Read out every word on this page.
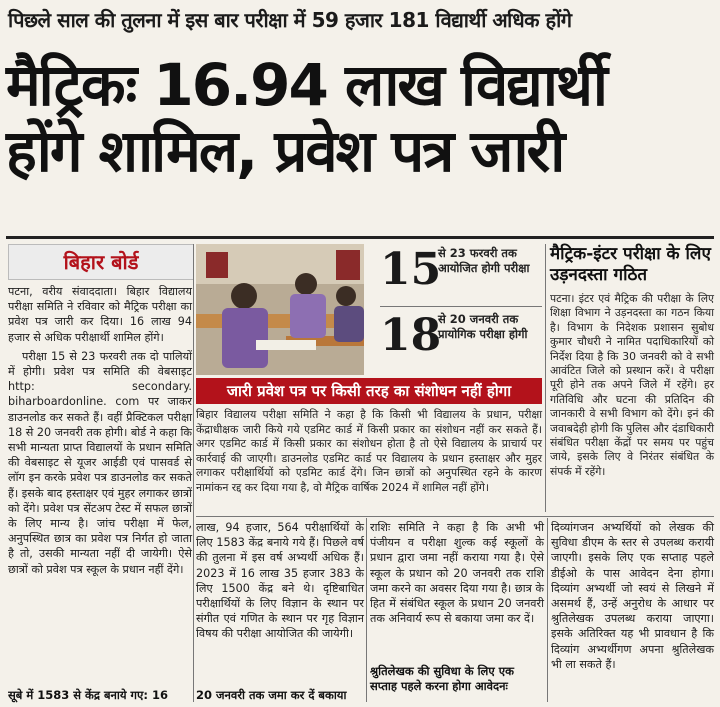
पिछले साल की तुलना में इस बार परीक्षा में 59 हजार 181 विद्यार्थी अधिक होंगे
मैट्रिकः 16.94 लाख विद्यार्थी
होंगे शामिल, प्रवेश पत्र जारी
बिहार बोर्ड

पटना, वरीय संवाददाता। बिहार विद्यालय परीक्षा समिति ने रविवार को मैट्रिक परीक्षा का प्रवेश पत्र जारी कर दिया। 16 लाख 94 हजार से अधिक परीक्षार्थी शामिल होंगे।

परीक्षा 15 से 23 फरवरी तक दो पालियों में होगी। प्रवेश पत्र समिति की वेबसाइट http: secondary. biharboardonline. com पर जाकर डाउनलोड कर सकते हैं। वहीं प्रैक्टिकल परीक्षा 18 से 20 जनवरी तक होगी। बोर्ड ने कहा कि सभी मान्यता प्राप्त विद्यालयों के प्रधान समिति की वेबसाइट से यूजर आईडी एवं पासवर्ड से लॉग इन करके प्रवेश पत्र डाउनलोड कर सकते हैं। इसके बाद हस्ताक्षर एवं मुहर लगाकर छात्रों को देंगे। प्रवेश पत्र सेंटअप टेस्ट में सफल छात्रों के लिए मान्य है। जांच परीक्षा में फेल, अनुपस्थित छात्र का प्रवेश पत्र निर्गत हो जाता है तो, उसकी मान्यता नहीं दी जायेगी। ऐसे छात्रों को प्रवेश पत्र स्कूल के प्रधान नहीं देंगे।

सूबे में 1583 से केंद्र बनाये गए: 16
15
से 23 फरवरी तक आयोजित होगी परीक्षा
18
से 20 जनवरी तक प्रायोगिक परीक्षा होगी
मैट्रिक-इंटर परीक्षा के लिए उड़नदस्ता गठित
पटना। इंटर एवं मैट्रिक की परीक्षा के लिए शिक्षा विभाग ने उड़नदस्ता का गठन किया है। विभाग के निदेशक प्रशासन सुबोध कुमार चौधरी ने नामित पदाधिकारियों को निर्देश दिया है कि 30 जनवरी को वे सभी आवंटित जिले को प्रस्थान करें। वे परीक्षा पूरी होने तक अपने जिले में रहेंगे। हर गतिविधि और घटना की प्रतिदिन की जानकारी वे सभी विभाग को देंगे। इनं की जवाबदेही होगी कि पुलिस और दंडाधिकारी संबंधित परीक्षा केंद्रों पर समय पर पहुंच जाये, इसके लिए वे निरंतर संबंधित के संपर्क में रहेंगे।
जारी प्रवेश पत्र पर किसी तरह का संशोधन नहीं होगा
बिहार विद्यालय परीक्षा समिति ने कहा है कि किसी भी विद्यालय के प्रधान, परीक्षा केंद्राधीक्षक जारी किये गये एडमिट कार्ड में किसी प्रकार का संशोधन नहीं कर सकते हैं। अगर एडमिट कार्ड में किसी प्रकार का संशोधन होता है तो ऐसे विद्यालय के प्राचार्य पर कार्रवाई की जाएगी। डाउनलोड एडमिट कार्ड पर विद्यालय के प्रधान हस्ताक्षर और मुहर लगाकर परीक्षार्थियों को एडमिट कार्ड देंगे। जिन छात्रों को अनुपस्थित रहने के कारण नामांकन रद्द कर दिया गया है, वो मैट्रिक वार्षिक 2024 में शामिल नहीं होंगे।
लाख, 94 हजार, 564 परीक्षार्थियों के लिए 1583 केंद्र बनाये गये हैं। पिछले वर्ष की तुलना में इस वर्ष अभ्यर्थी अधिक हैं। 2023 में 16 लाख 35 हजार 383 के लिए 1500 केंद्र बने थे। दृष्टिबाधित परीक्षार्थियों के लिए विज्ञान के स्थान पर संगीत एवं गणित के स्थान पर गृह विज्ञान विषय की परीक्षा आयोजित की जायेगी।
20 जनवरी तक जमा कर दें बकाया
राशिः समिति ने कहा है कि अभी भी पंजीयन व परीक्षा शुल्क कई स्कूलों के प्रधान द्वारा जमा नहीं कराया गया है। ऐसे स्कूल के प्रधान को 20 जनवरी तक राशि जमा करने का अवसर दिया गया है। छात्र के हित में संबंधित स्कूल के प्रधान 20 जनवरी तक अनिवार्य रूप से बकाया जमा कर दें।
श्रुतिलेखक की सुविधा के लिए एक सप्ताह पहले करना होगा आवेदनः
दिव्यांगजन अभ्यर्थियों को लेखक की सुविधा डीएम के स्तर से उपलब्ध करायी जाएगी। इसके लिए एक सप्ताह पहले डीईओ के पास आवेदन देना होगा। दिव्यांग अभ्यर्थी जो स्वयं से लिखने में असमर्थ हैं, उन्हें अनुरोध के आधार पर श्रुतिलेखक उपलब्ध कराया जाएगा। इसके अतिरिक्त यह भी प्रावधान है कि दिव्यांग अभ्यर्थीगण अपना श्रुतिलेखक भी ला सकते हैं।
